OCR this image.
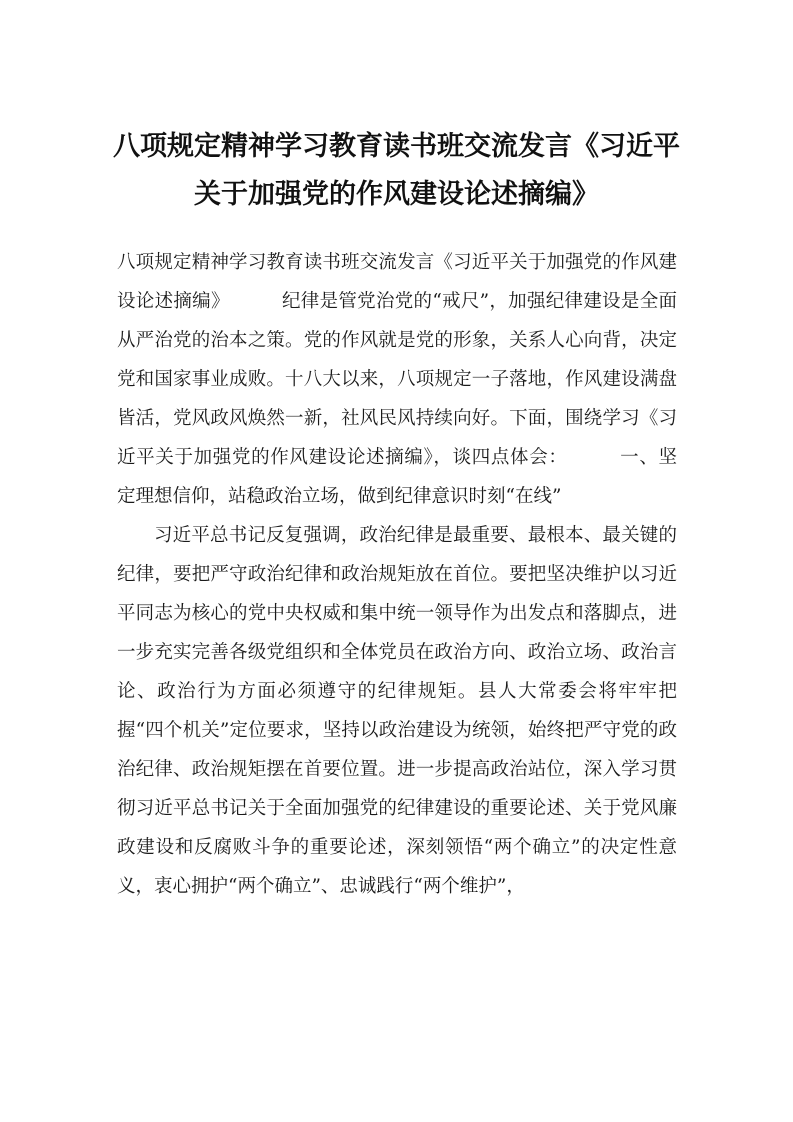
八项规定精神学习教育读书班交流发言《习近平关于加强党的作风建设论述摘编》

八项规定精神学习教育读书班交流发言《习近平关于加强党的作风建设论述摘编》	纪律是管党治党的“戒尺”，加强纪律建设是全面从严治党的治本之策。党的作风就是党的形象，关系人心向背，决定党和国家事业成败。十八大以来，八项规定一子落地，作风建设满盘皆活，党风政风焕然一新，社风民风持续向好。下面，围绕学习《习近平关于加强党的作风建设论述摘编》，谈四点体会：	一、坚定理想信仰，站稳政治立场，做到纪律意识时刻“在线”

习近平总书记反复强调，政治纪律是最重要、最根本、最关键的纪律，要把严守政治纪律和政治规矩放在首位。要把坚决维护以习近平同志为核心的党中央权威和集中统一领导作为出发点和落脚点，进一步充实完善各级党组织和全体党员在政治方向、政治立场、政治言论、政治行为方面必须遵守的纪律规矩。县人大常委会将牢牢把握“四个机关”定位要求，坚持以政治建设为统领，始终把严守党的政治纪律、政治规矩摆在首要位置。进一步提高政治站位，深入学习贯彻习近平总书记关于全面加强党的纪律建设的重要论述、关于党风廉政建设和反腐败斗争的重要论述，深刻领悟“两个确立”的决定性意义，衷心拥护“两个确立”、忠诚践行“两个维护”，
